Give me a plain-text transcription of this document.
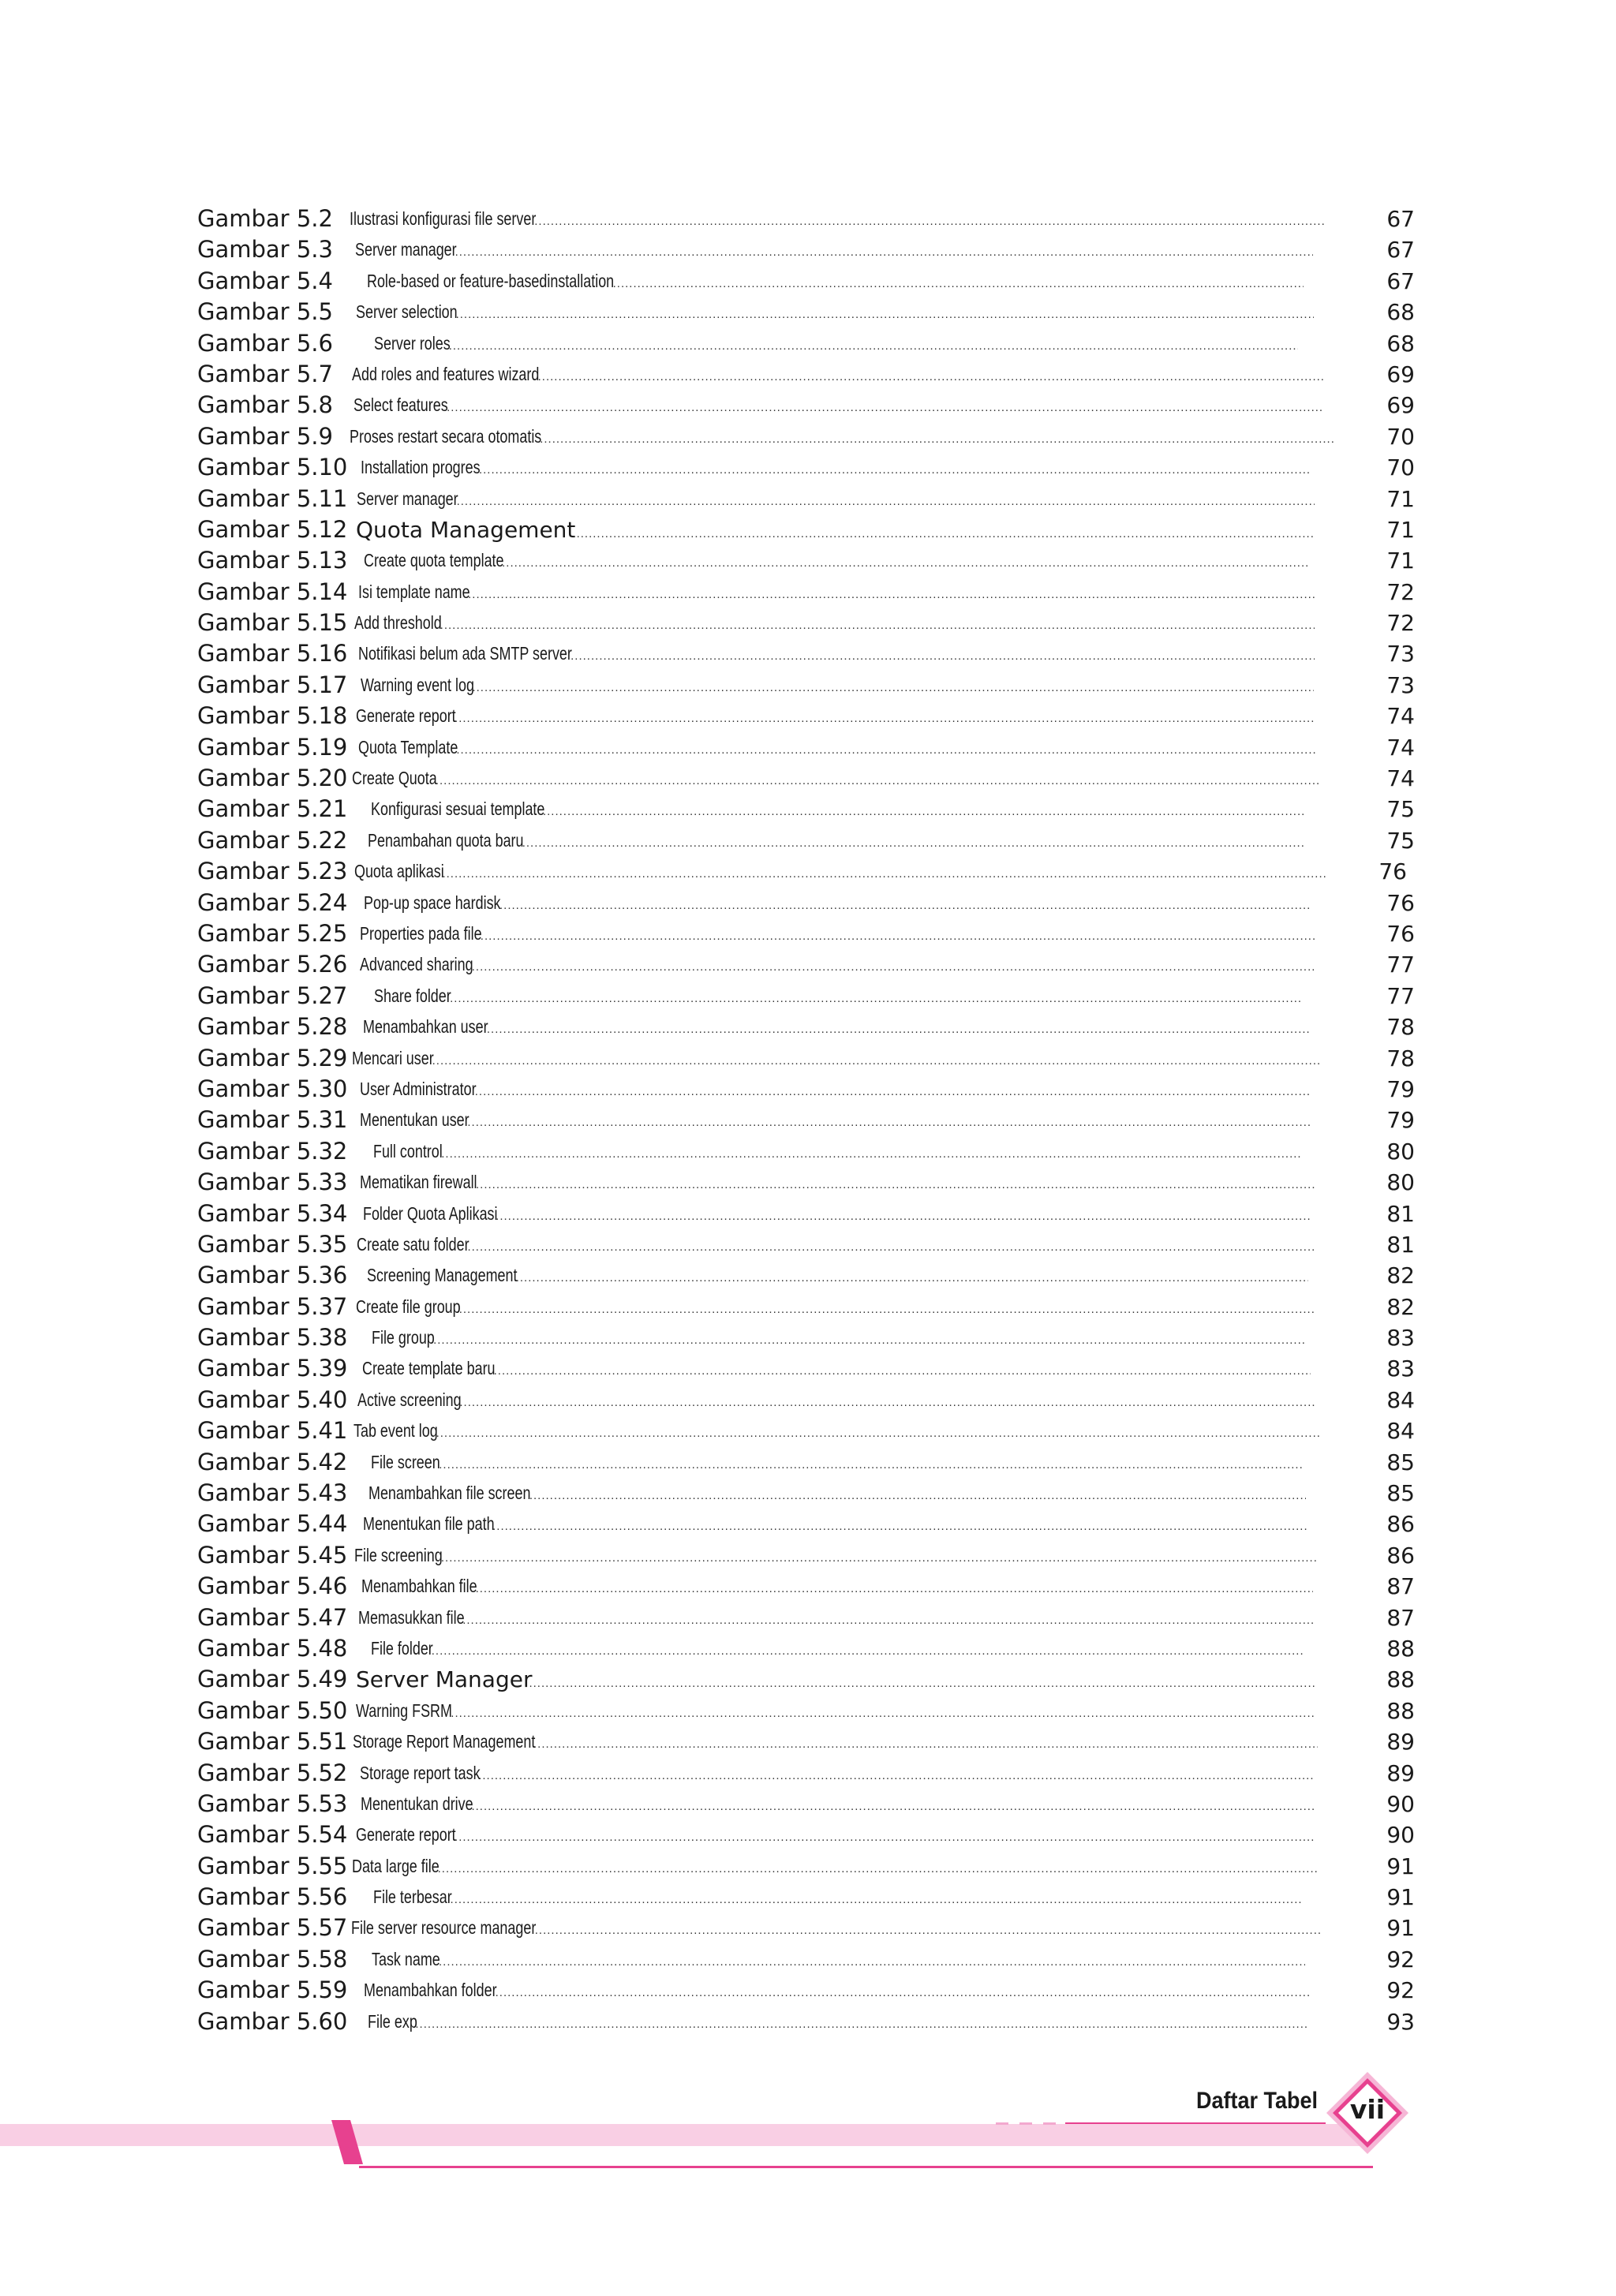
Gambar 5.2 Ilustrasi konfigurasi file server .....	67
Gambar 5.3 Server manager .....	67
Gambar 5.4 Role-based or feature-basedinstallation .....	67
Gambar 5.5 Server selection .....	68
Gambar 5.6 Server roles .....	68
Gambar 5.7 Add roles and features wizard .....	69
Gambar 5.8 Select features .....	69
Gambar 5.9 Proses restart secara otomatis .....	70
Gambar 5.10 Installation progres .....	70
Gambar 5.11 Server manager .....	71
Gambar 5.12 Quota Management .....	71
Gambar 5.13 Create quota template .....	71
Gambar 5.14 Isi template name .....	72
Gambar 5.15 Add threshold .....	72
Gambar 5.16 Notifikasi belum ada SMTP server .....	73
Gambar 5.17 Warning event log .....	73
Gambar 5.18 Generate report .....	74
Gambar 5.19 Quota Template .....	74
Gambar 5.20 Create Quota .....	74
Gambar 5.21 Konfigurasi sesuai template .....	75
Gambar 5.22 Penambahan quota baru .....	75
Gambar 5.23 Quota aplikasi .....	76
Gambar 5.24 Pop-up space hardisk .....	76
Gambar 5.25 Properties pada file .....	76
Gambar 5.26 Advanced sharing .....	77
Gambar 5.27 Share folder .....	77
Gambar 5.28 Menambahkan user .....	78
Gambar 5.29 Mencari user .....	78
Gambar 5.30 User Administrator .....	79
Gambar 5.31 Menentukan user .....	79
Gambar 5.32 Full control .....	80
Gambar 5.33 Mematikan firewall .....	80
Gambar 5.34 Folder Quota Aplikasi .....	81
Gambar 5.35 Create satu folder .....	81
Gambar 5.36 Screening Management .....	82
Gambar 5.37 Create file group .....	82
Gambar 5.38 File group .....	83
Gambar 5.39 Create template baru .....	83
Gambar 5.40 Active screening .....	84
Gambar 5.41 Tab event log .....	84
Gambar 5.42 File screen .....	85
Gambar 5.43 Menambahkan file screen .....	85
Gambar 5.44 Menentukan file path .....	86
Gambar 5.45 File screening .....	86
Gambar 5.46 Menambahkan file .....	87
Gambar 5.47 Memasukkan file .....	87
Gambar 5.48 File folder .....	88
Gambar 5.49 Server Manager .....	88
Gambar 5.50 Warning FSRM .....	88
Gambar 5.51 Storage Report Management .....	89
Gambar 5.52 Storage report task .....	89
Gambar 5.53 Menentukan drive .....	90
Gambar 5.54 Generate report .....	90
Gambar 5.55 Data large file .....	91
Gambar 5.56 File terbesar .....	91
Gambar 5.57 File server resource manager .....	91
Gambar 5.58 Task name .....	92
Gambar 5.59 Menambahkan folder .....	92
Gambar 5.60 File exp .....	93
Daftar Tabel	vii
